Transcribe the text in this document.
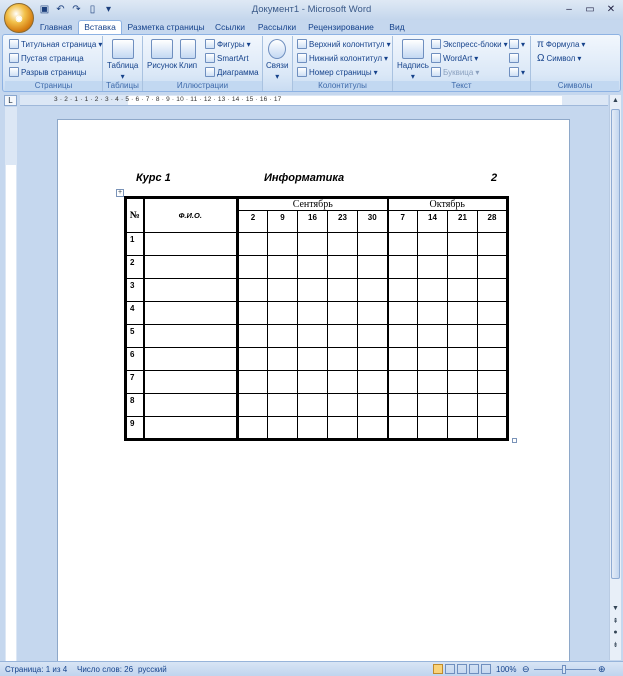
▣ ↶ ↷ ▯	▾	Документ1 - Microsoft Word	–	▭ ✕
◉
Главная	Вставка	Разметка страницы	Ссылки	Рассылки	Рецензирование	Вид
Титульная страница ▾
Пустая страница
Разрыв страницы
Страницы
Таблица
▾
Таблицы
Рисунок Клип
Фигуры ▾
SmartArt
Диаграмма
Иллюстрации
Связи
▾
Верхний колонтитул ▾
Нижний колонтитул ▾
Номер страницы ▾
Колонтитулы
Надпись
▾
Экспресс-блоки ▾
WordArt ▾
Буквица ▾
▾
▾
Текст
π Формула ▾
Ω Символ ▾
Символы
L	3 · 2 · 1 · 1 · 2 · 3 · 4 · 5 · 6 · 7 · 8 · 9 · 10 · 11 · 12 · 13 · 14 · 15 · 16 · 17
Курс 1	Информатика	2
+
№	Ф.И.О.	Сентябрь					Октябрь			
		2	9	16	23	30	7	14	21	28
1										
2										
3										
4										
5										
6										
7										
8										
9										
▲
▼
⇞
●
⇟
Страница: 1 из 4 Число слов: 26 русский	100% ⊖	⊕
